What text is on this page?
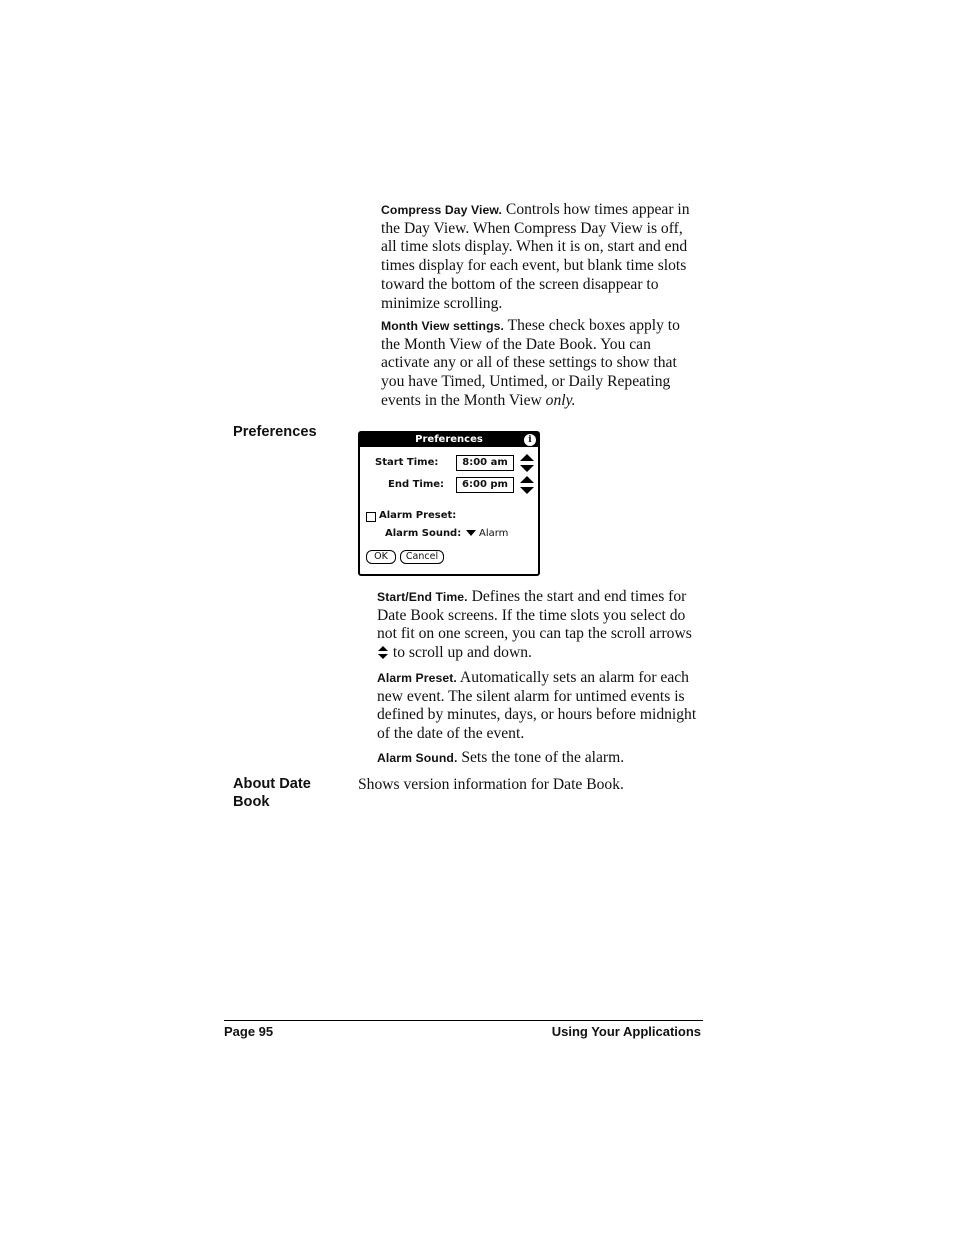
Compress Day View. Controls how times appear in the Day View. When Compress Day View is off, all time slots display. When it is on, start and end times display for each event, but blank time slots toward the bottom of the screen disappear to minimize scrolling.

Month View settings. These check boxes apply to the Month View of the Date Book. You can activate any or all of these settings to show that you have Timed, Untimed, or Daily Repeating events in the Month View only.

Preferences	Preferences	i
Start Time:	8:00 am
End Time:	6:00 pm
Alarm Preset:
Alarm Sound:	Alarm
OK	Cancel

Start/End Time. Defines the start and end times for Date Book screens. If the time slots you select do not fit on one screen, you can tap the scroll arrows  to scroll up and down.

Alarm Preset. Automatically sets an alarm for each new event. The silent alarm for untimed events is defined by minutes, days, or hours before midnight of the date of the event.

Alarm Sound. Sets the tone of the alarm.

About Date Book

Shows version information for Date Book.

Page 95	Using Your Applications
